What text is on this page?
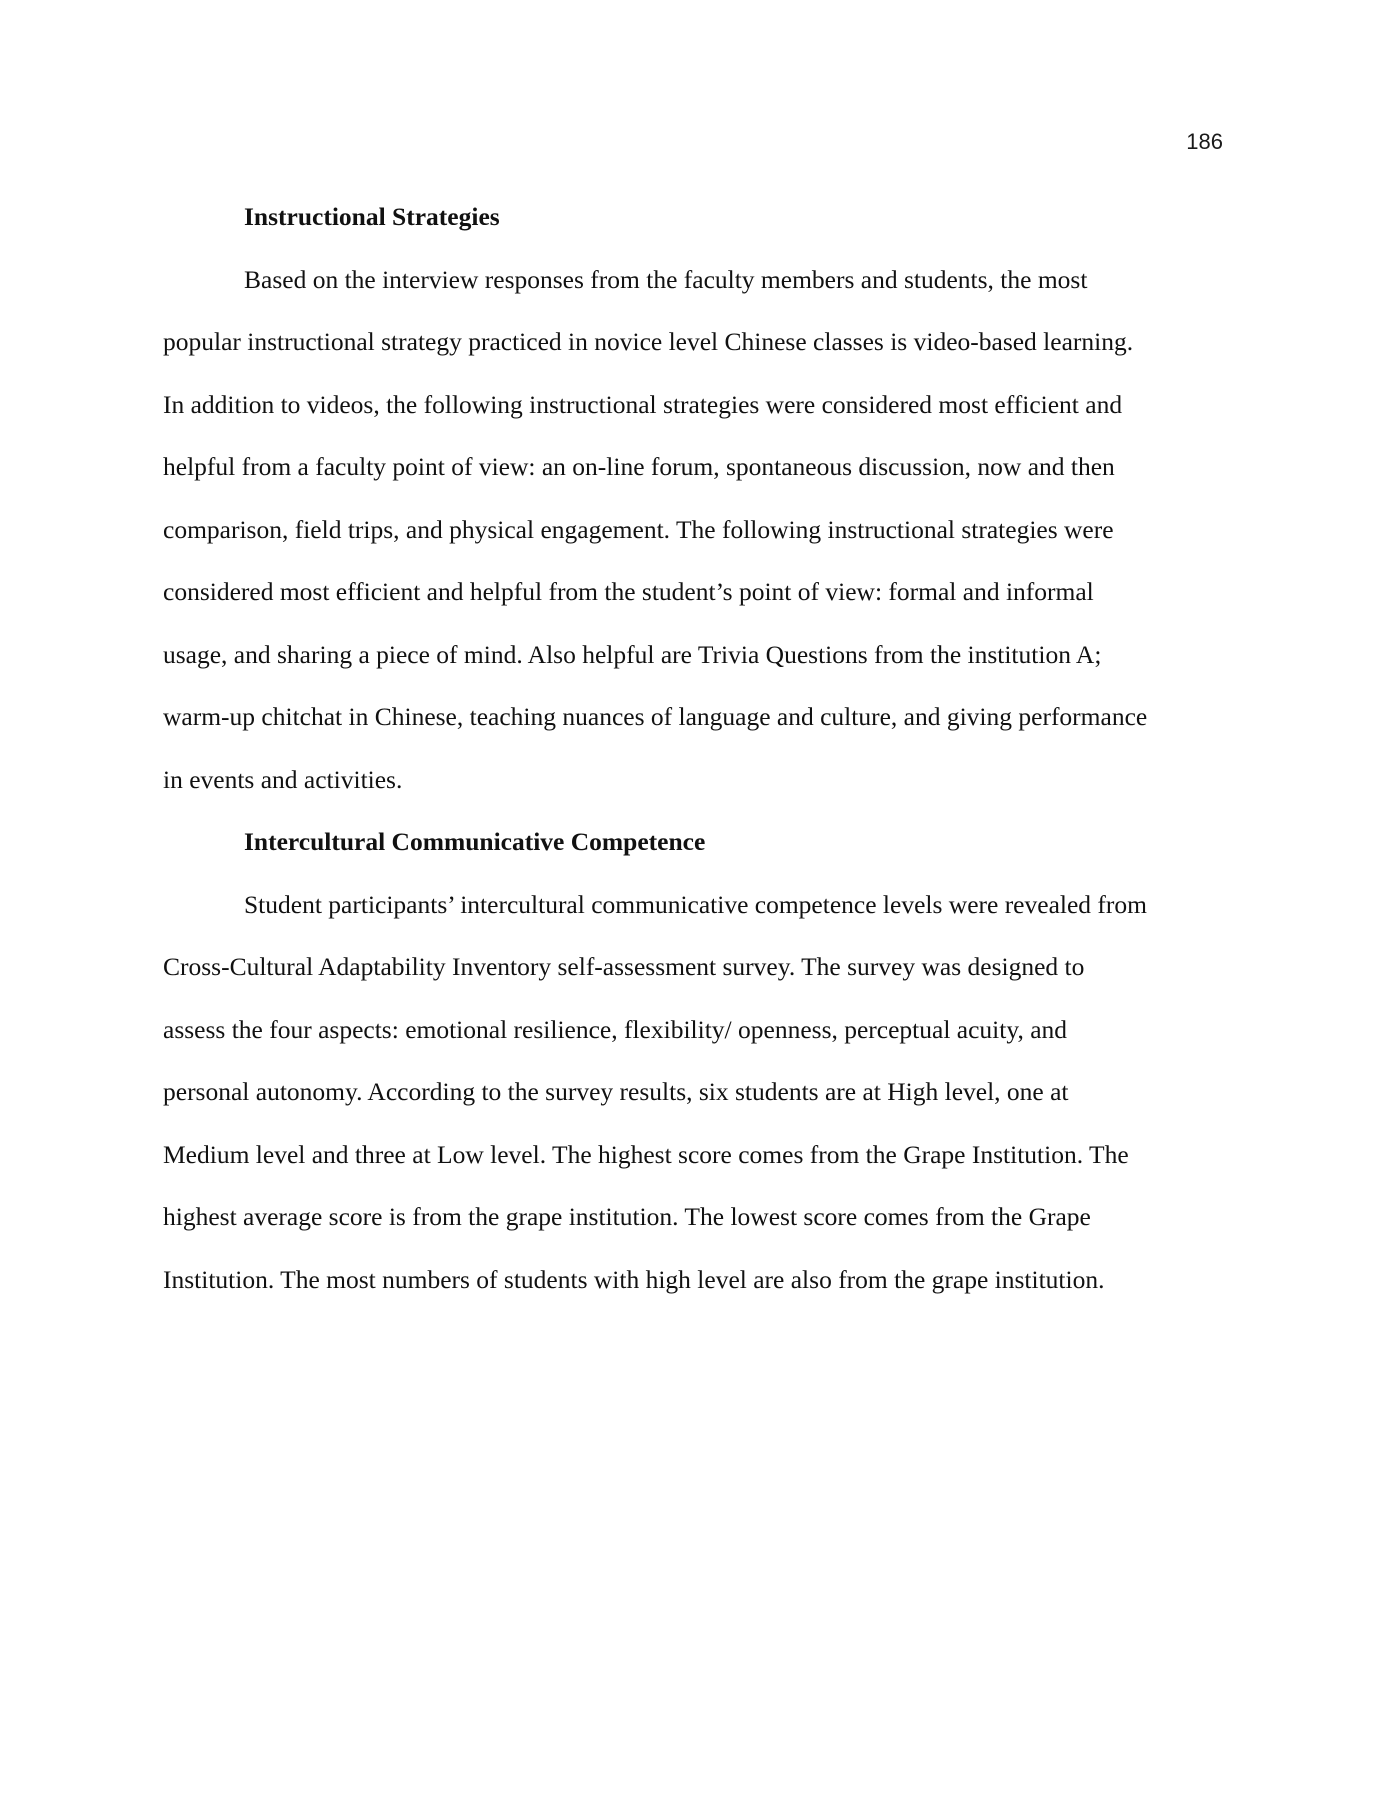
186
Instructional Strategies

Based on the interview responses from the faculty members and students, the most
popular instructional strategy practiced in novice level Chinese classes is video-based learning.
In addition to videos, the following instructional strategies were considered most efficient and
helpful from a faculty point of view: an on-line forum, spontaneous discussion, now and then
comparison, field trips, and physical engagement. The following instructional strategies were
considered most efficient and helpful from the student’s point of view: formal and informal
usage, and sharing a piece of mind. Also helpful are Trivia Questions from the institution A;
warm-up chitchat in Chinese, teaching nuances of language and culture, and giving performance
in events and activities.

Intercultural Communicative Competence

Student participants’ intercultural communicative competence levels were revealed from
Cross-Cultural Adaptability Inventory self-assessment survey. The survey was designed to
assess the four aspects: emotional resilience, flexibility/ openness, perceptual acuity, and
personal autonomy. According to the survey results, six students are at High level, one at
Medium level and three at Low level. The highest score comes from the Grape Institution. The
highest average score is from the grape institution. The lowest score comes from the Grape
Institution. The most numbers of students with high level are also from the grape institution.
